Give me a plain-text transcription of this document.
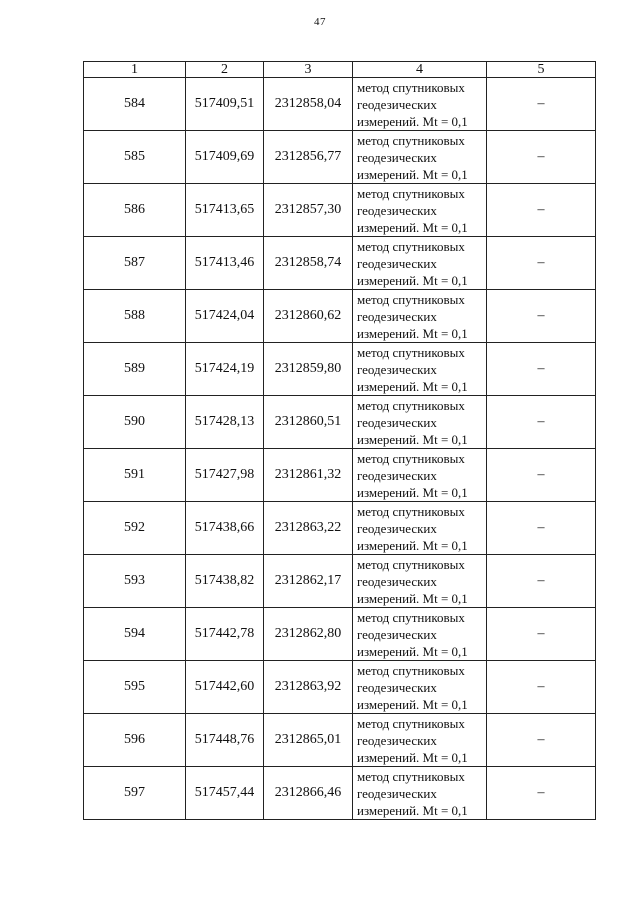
47
1	2	3	4	5
584	517409,51	2312858,04	метод спутниковых
геодезических
измерений. Mt = 0,1	–
585	517409,69	2312856,77	метод спутниковых
геодезических
измерений. Mt = 0,1	–
586	517413,65	2312857,30	метод спутниковых
геодезических
измерений. Mt = 0,1	–
587	517413,46	2312858,74	метод спутниковых
геодезических
измерений. Mt = 0,1	–
588	517424,04	2312860,62	метод спутниковых
геодезических
измерений. Mt = 0,1	–
589	517424,19	2312859,80	метод спутниковых
геодезических
измерений. Mt = 0,1	–
590	517428,13	2312860,51	метод спутниковых
геодезических
измерений. Mt = 0,1	–
591	517427,98	2312861,32	метод спутниковых
геодезических
измерений. Mt = 0,1	–
592	517438,66	2312863,22	метод спутниковых
геодезических
измерений. Mt = 0,1	–
593	517438,82	2312862,17	метод спутниковых
геодезических
измерений. Mt = 0,1	–
594	517442,78	2312862,80	метод спутниковых
геодезических
измерений. Mt = 0,1	–
595	517442,60	2312863,92	метод спутниковых
геодезических
измерений. Mt = 0,1	–
596	517448,76	2312865,01	метод спутниковых
геодезических
измерений. Mt = 0,1	–
597	517457,44	2312866,46	метод спутниковых
геодезических
измерений. Mt = 0,1	–
